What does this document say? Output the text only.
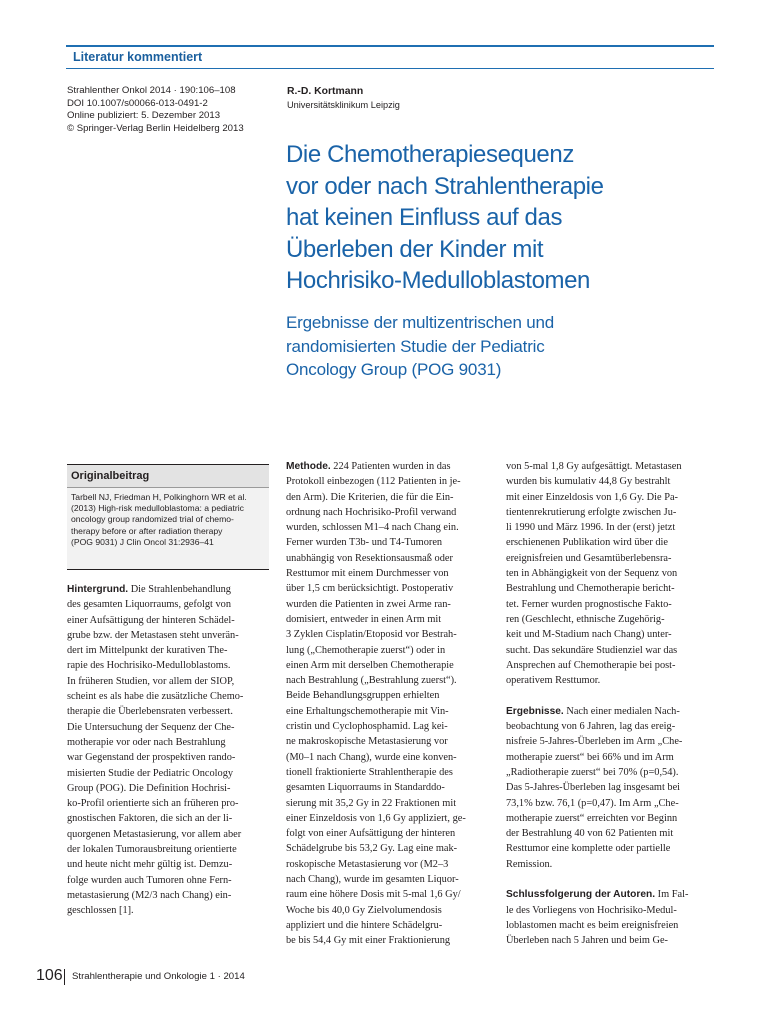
Literatur kommentiert
Strahlenther Onkol 2014 · 190:106–108
DOI 10.1007/s00066-013-0491-2
Online publiziert: 5. Dezember 2013
© Springer-Verlag Berlin Heidelberg 2013
R.-D. Kortmann
Universitätsklinikum Leipzig
Die Chemotherapiesequenz
vor oder nach Strahlentherapie
hat keinen Einfluss auf das
Überleben der Kinder mit
Hochrisiko-Medulloblastomen
Ergebnisse der multizentrischen und
randomisierten Studie der Pediatric
Oncology Group (POG 9031)
Originalbeitrag
Tarbell NJ, Friedman H, Polkinghorn WR et al.
(2013) High-risk medulloblastoma: a pediatric
oncology group randomized trial of chemo-
therapy before or after radiation therapy
(POG 9031) J Clin Oncol 31:2936–41
Hintergrund. Die Strahlenbehandlung
des gesamten Liquorraums, gefolgt von
einer Aufsättigung der hinteren Schädel-
grube bzw. der Metastasen steht unverän-
dert im Mittelpunkt der kurativen The-
rapie des Hochrisiko-Medulloblastoms.
In früheren Studien, vor allem der SIOP,
scheint es als habe die zusätzliche Chemo-
therapie die Überlebensraten verbessert.
Die Untersuchung der Sequenz der Che-
motherapie vor oder nach Bestrahlung
war Gegenstand der prospektiven rando-
misierten Studie der Pediatric Oncology
Group (POG). Die Definition Hochrisi-
ko-Profil orientierte sich an früheren pro-
gnostischen Faktoren, die sich an der li-
quorgenen Metastasierung, vor allem aber
der lokalen Tumorausbreitung orientierte
und heute nicht mehr gültig ist. Demzu-
folge wurden auch Tumoren ohne Fern-
metastasierung (M2/3 nach Chang) ein-
geschlossen [1].
Methode. 224 Patienten wurden in das
Protokoll einbezogen (112 Patienten in je-
den Arm). Die Kriterien, die für die Ein-
ordnung nach Hochrisiko-Profil verwand
wurden, schlossen M1–4 nach Chang ein.
Ferner wurden T3b- und T4-Tumoren
unabhängig von Resektionsausmaß oder
Resttumor mit einem Durchmesser von
über 1,5 cm berücksichtigt. Postoperativ
wurden die Patienten in zwei Arme ran-
domisiert, entweder in einen Arm mit
3 Zyklen Cisplatin/Etoposid vor Bestrah-
lung („Chemotherapie zuerst“) oder in
einen Arm mit derselben Chemotherapie
nach Bestrahlung („Bestrahlung zuerst“).
Beide Behandlungsgruppen erhielten
eine Erhaltungschemotherapie mit Vin-
cristin und Cyclophosphamid. Lag kei-
ne makroskopische Metastasierung vor
(M0–1 nach Chang), wurde eine konven-
tionell fraktionierte Strahlentherapie des
gesamten Liquorraums in Standarddo-
sierung mit 35,2 Gy in 22 Fraktionen mit
einer Einzeldosis von 1,6 Gy appliziert, ge-
folgt von einer Aufsättigung der hinteren
Schädelgrube bis 53,2 Gy. Lag eine mak-
roskopische Metastasierung vor (M2–3
nach Chang), wurde im gesamten Liquor-
raum eine höhere Dosis mit 5-mal 1,6 Gy/
Woche bis 40,0 Gy Zielvolumendosis
appliziert und die hintere Schädelgru-
be bis 54,4 Gy mit einer Fraktionierung
von 5-mal 1,8 Gy aufgesättigt. Metastasen
wurden bis kumulativ 44,8 Gy bestrahlt
mit einer Einzeldosis von 1,6 Gy. Die Pa-
tientenrekrutierung erfolgte zwischen Ju-
li 1990 und März 1996. In der (erst) jetzt
erschienenen Publikation wird über die
ereignisfreien und Gesamtüberlebensra-
ten in Abhängigkeit von der Sequenz von
Bestrahlung und Chemotherapie bericht-
tet. Ferner wurden prognostische Fakto-
ren (Geschlecht, ethnische Zugehörig-
keit und M-Stadium nach Chang) unter-
sucht. Das sekundäre Studienziel war das
Ansprechen auf Chemotherapie bei post-
operativem Resttumor.
Ergebnisse. Nach einer medialen Nach-
beobachtung von 6 Jahren, lag das ereig-
nisfreie 5-Jahres-Überleben im Arm „Che-
motherapie zuerst“ bei 66% und im Arm
„Radiotherapie zuerst“ bei 70% (p=0,54).
Das 5-Jahres-Überleben lag insgesamt bei
73,1% bzw. 76,1 (p=0,47). Im Arm „Che-
motherapie zuerst“ erreichten vor Beginn
der Bestrahlung 40 von 62 Patienten mit
Resttumor eine komplette oder partielle
Remission.
Schlussfolgerung der Autoren. Im Fal-
le des Vorliegens von Hochrisiko-Medul-
loblastomen macht es beim ereignisfreien
Überleben nach 5 Jahren und beim Ge-
106 Strahlentherapie und Onkologie 1 · 2014
